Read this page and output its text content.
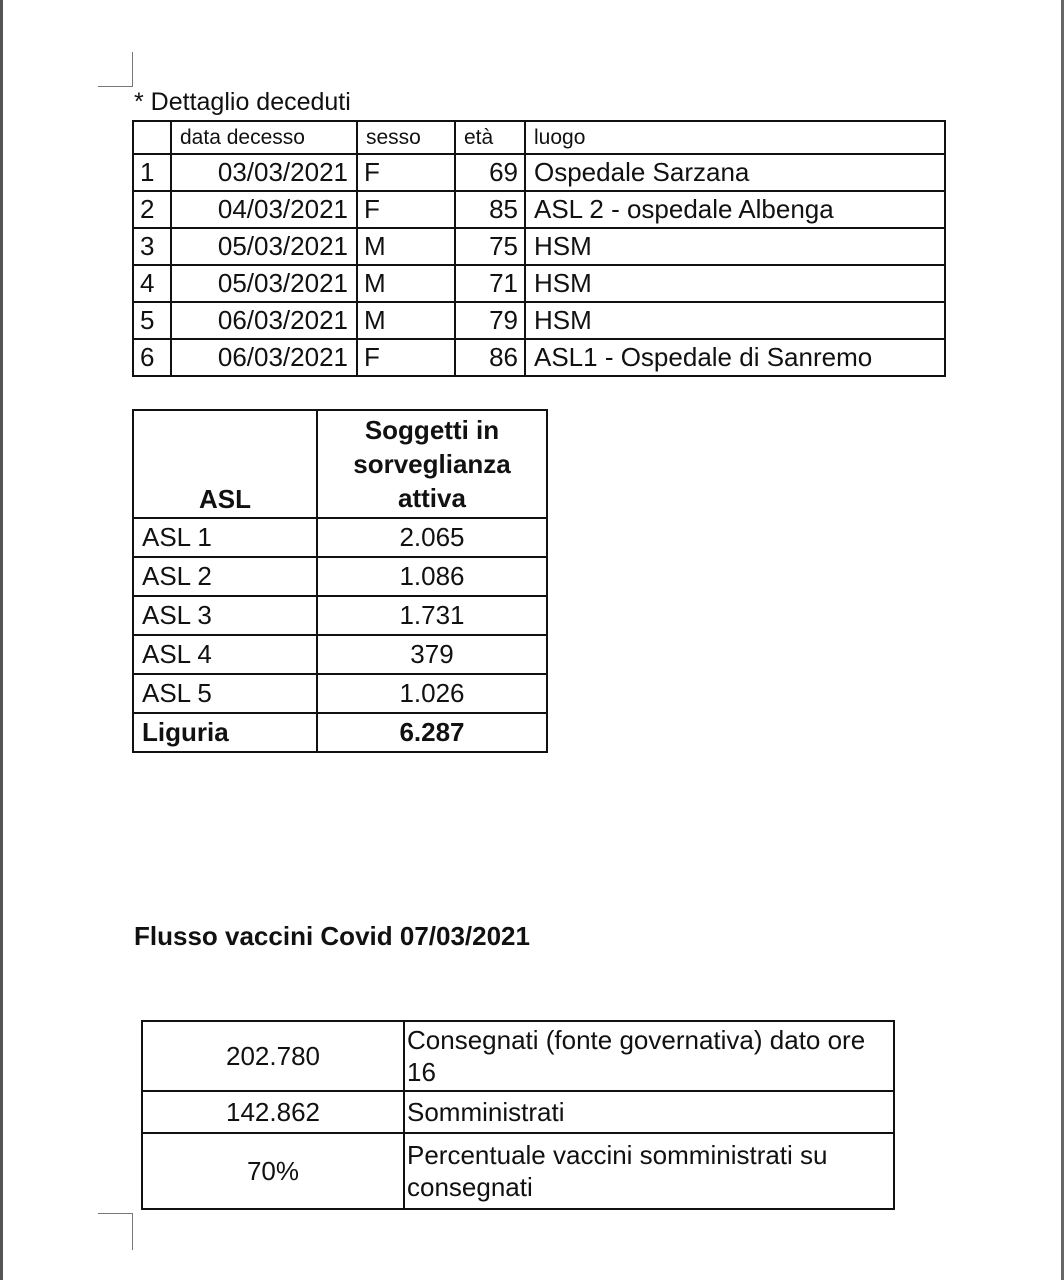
* Dettaglio deceduti
	data decesso	sesso	età	luogo
1	03/03/2021	F	69	Ospedale Sarzana
2	04/03/2021	F	85	ASL 2 - ospedale Albenga
3	05/03/2021	M	75	HSM
4	05/03/2021	M	71	HSM
5	06/03/2021	M	79	HSM
6	06/03/2021	F	86	ASL1 - Ospedale di Sanremo
ASL	Soggetti in sorveglianza attiva
ASL 1	2.065
ASL 2	1.086
ASL 3	1.731
ASL 4	379
ASL 5	1.026
Liguria	6.287
Flusso vaccini Covid 07/03/2021
202.780	Consegnati (fonte governativa) dato ore 16
142.862	Somministrati
70%	Percentuale vaccini somministrati su consegnati
